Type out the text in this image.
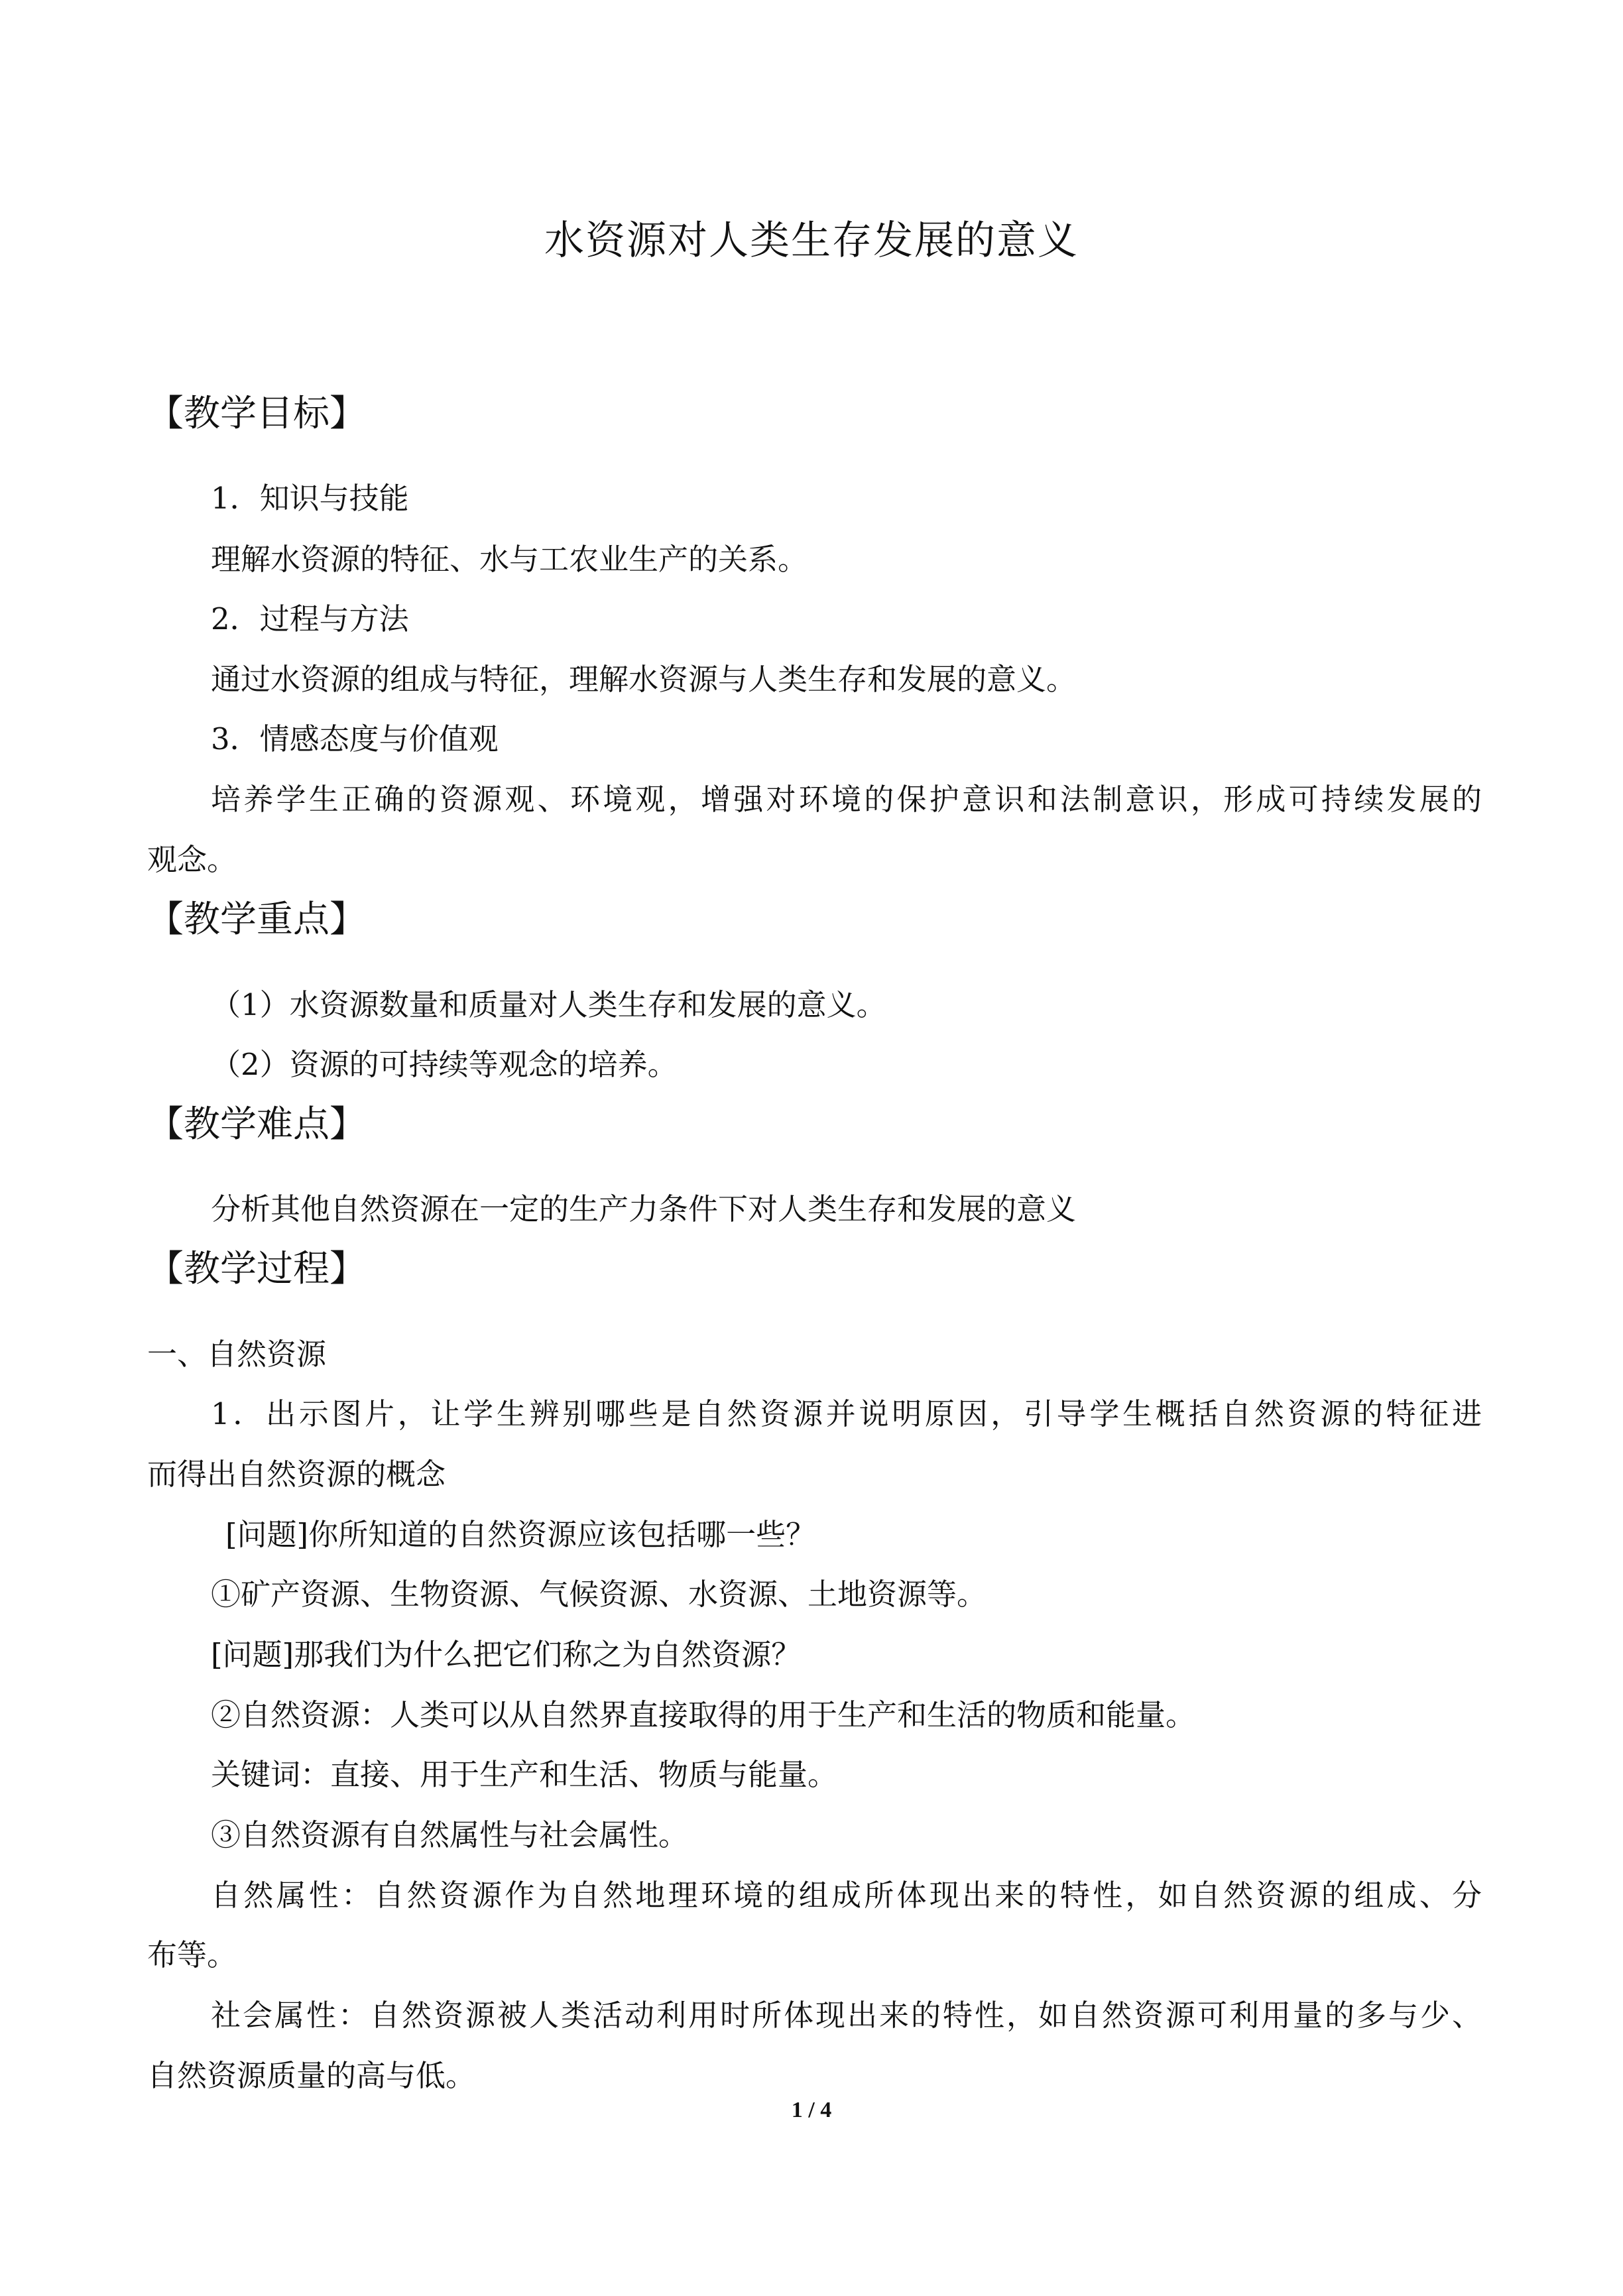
水资源对人类生存发展的意义
【教学目标】
1．知识与技能
理解水资源的特征、水与工农业生产的关系。
2．过程与方法
通过水资源的组成与特征，理解水资源与人类生存和发展的意义。
3．情感态度与价值观
培养学生正确的资源观、环境观，增强对环境的保护意识和法制意识，形成可持续发展的
观念。
【教学重点】
（1）水资源数量和质量对人类生存和发展的意义。
（2）资源的可持续等观念的培养。
【教学难点】
分析其他自然资源在一定的生产力条件下对人类生存和发展的意义
【教学过程】
一、自然资源
1．出示图片，让学生辨别哪些是自然资源并说明原因，引导学生概括自然资源的特征进
而得出自然资源的概念
[问题]你所知道的自然资源应该包括哪一些？
①矿产资源、生物资源、气候资源、水资源、土地资源等。
[问题]那我们为什么把它们称之为自然资源？
②自然资源：人类可以从自然界直接取得的用于生产和生活的物质和能量。
关键词：直接、用于生产和生活、物质与能量。
③自然资源有自然属性与社会属性。
自然属性：自然资源作为自然地理环境的组成所体现出来的特性，如自然资源的组成、分
布等。
社会属性：自然资源被人类活动利用时所体现出来的特性，如自然资源可利用量的多与少、
自然资源质量的高与低。
1 / 4
